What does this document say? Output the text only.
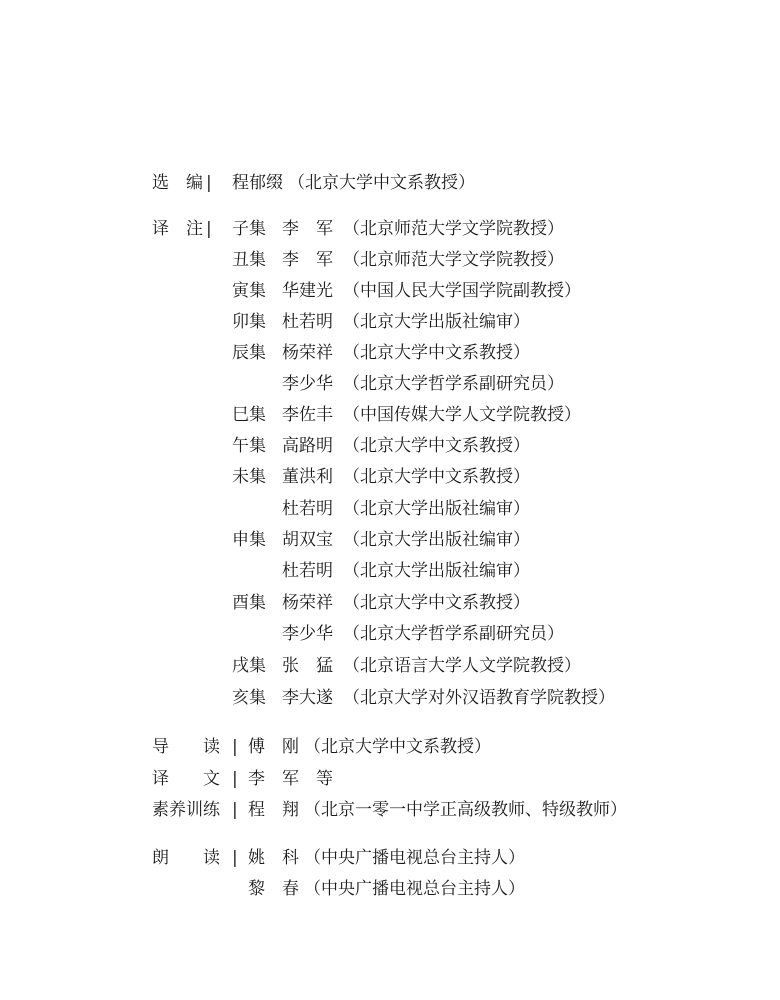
选　编 | 程郁缀 （北京大学中文系教授）
译　注 | 子集 李　军 （北京师范大学文学院教授）
丑集 李　军 （北京师范大学文学院教授）
寅集 华建光 （中国人民大学国学院副教授）
卯集 杜若明 （北京大学出版社编审）
辰集 杨荣祥 （北京大学中文系教授）
李少华 （北京大学哲学系副研究员）
巳集 李佐丰 （中国传媒大学人文学院教授）
午集 高路明 （北京大学中文系教授）
未集 董洪利 （北京大学中文系教授）
杜若明 （北京大学出版社编审）
申集 胡双宝 （北京大学出版社编审）
杜若明 （北京大学出版社编审）
酉集 杨荣祥 （北京大学中文系教授）
李少华 （北京大学哲学系副研究员）
戌集 张　猛 （北京语言大学人文学院教授）
亥集 李大遂 （北京大学对外汉语教育学院教授）
导　　读 | 傅　刚 （北京大学中文系教授）
译　　文 | 李　军　等
素养训练 | 程　翔 （北京一零一中学正高级教师、特级教师）
朗　　读 | 姚　科 （中央广播电视总台主持人）
黎　春 （中央广播电视总台主持人）
